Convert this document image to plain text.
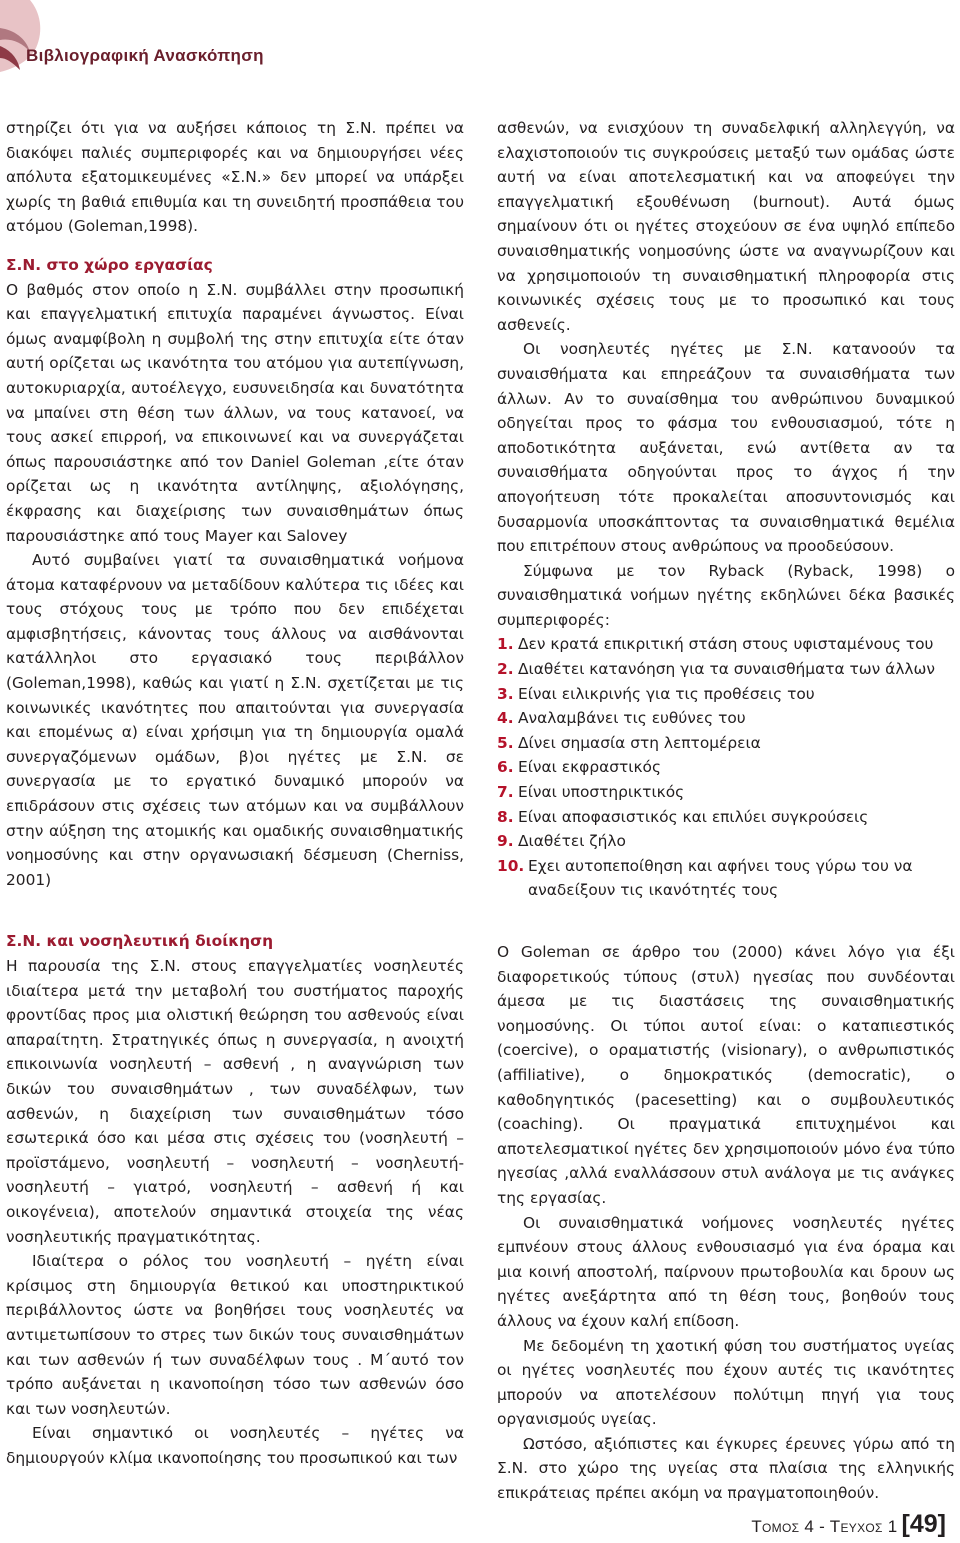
Βιβλιογραφική Ανασκόπηση

στηρίζει ότι για να αυξήσει κάποιος τη Σ.Ν. πρέπει να διακόψει παλιές συμπεριφορές και να δημιουργήσει νέες απόλυτα εξατομικευμένες «Σ.Ν.» δεν μπορεί να υπάρξει χωρίς τη βαθιά επιθυμία και τη συνειδητή προσπάθεια του ατόμου (Goleman,1998).

Σ.Ν. στο χώρο εργασίας

Ο βαθμός στον οποίο η Σ.Ν. συμβάλλει στην προσωπική και επαγγελματική επιτυχία παραμένει άγνωστος. Είναι όμως αναμφίβολη η συμβολή της στην επιτυχία είτε όταν αυτή ορίζεται ως ικανότητα του ατόμου για αυτεπίγνωση, αυτοκυριαρχία, αυτοέλεγχο, ευσυνειδησία και δυνατότητα να μπαίνει στη θέση των άλλων, να τους κατανοεί, να τους ασκεί επιρροή, να επικοινωνεί και να συνεργάζεται όπως παρουσιάστηκε από τον Daniel Goleman ,είτε όταν ορίζεται ως η ικανότητα αντίληψης, αξιολόγησης, έκφρασης και διαχείρισης των συναισθημάτων όπως παρουσιάστηκε από τους Mayer και Salovey

Αυτό συμβαίνει γιατί τα συναισθηματικά νοήμονα άτομα καταφέρνουν να μεταδίδουν καλύτερα τις ιδέες και τους στόχους τους με τρόπο που δεν επιδέχεται αμφισβητήσεις, κάνοντας τους άλλους να αισθάνονται κατάλληλοι στο εργασιακό τους περιβάλλον (Goleman,1998), καθώς και γιατί η Σ.Ν. σχετίζεται με τις κοινωνικές ικανότητες που απαιτούνται για συνεργασία και επομένως α) είναι χρήσιμη για τη δημιουργία ομαλά συνεργαζόμενων ομάδων, β)οι ηγέτες με Σ.Ν. σε συνεργασία με το εργατικό δυναμικό μπορούν να επιδράσουν στις σχέσεις των ατόμων και να συμβάλλουν στην αύξηση της ατομικής και ομαδικής συναισθηματικής νοημοσύνης και στην οργανωσιακή δέσμευση (Cherniss, 2001)

Σ.Ν. και νοσηλευτική διοίκηση

Η παρουσία της Σ.Ν. στους επαγγελματίες νοσηλευτές ιδιαίτερα μετά την μεταβολή του συστήματος παροχής φροντίδας προς μια ολιστική θεώρηση του ασθενούς είναι απαραίτητη. Στρατηγικές όπως η συνεργασία, η ανοιχτή επικοινωνία νοσηλευτή – ασθενή , η αναγνώριση των δικών του συναισθημάτων , των συναδέλφων, των ασθενών, η διαχείριση των συναισθημάτων τόσο εσωτερικά όσο και μέσα στις σχέσεις του (νοσηλευτή – προϊστάμενο, νοσηλευτή – νοσηλευτή – νοσηλευτή- νοσηλευτή – γιατρό, νοσηλευτή – ασθενή ή και οικογένεια), αποτελούν σημαντικά στοιχεία της νέας νοσηλευτικής πραγματικότητας.

Ιδιαίτερα ο ρόλος του νοσηλευτή – ηγέτη είναι κρίσιμος στη δημιουργία θετικού και υποστηρικτικού περιβάλλοντος ώστε να βοηθήσει τους νοσηλευτές να αντιμετωπίσουν το στρες των δικών τους συναισθημάτων και των ασθενών ή των συναδέλφων τους . Μ΄αυτό τον τρόπο αυξάνεται η ικανοποίηση τόσο των ασθενών όσο και των νοσηλευτών.

Είναι σημαντικό οι νοσηλευτές – ηγέτες να δημιουργούν κλίμα ικανοποίησης του προσωπικού και των

ασθενών, να ενισχύουν τη συναδελφική αλληλεγγύη, να ελαχιστοποιούν τις συγκρούσεις μεταξύ των ομάδας ώστε αυτή να είναι αποτελεσματική και να αποφεύγει την επαγγελματική εξουθένωση (burnout). Αυτά όμως σημαίνουν ότι οι ηγέτες στοχεύουν σε ένα υψηλό επίπεδο συναισθηματικής νοημοσύνης ώστε να αναγνωρίζουν και να χρησιμοποιούν τη συναισθηματική πληροφορία στις κοινωνικές σχέσεις τους με το προσωπικό και τους ασθενείς.

Οι νοσηλευτές ηγέτες με Σ.Ν. κατανοούν τα συναισθήματα και επηρεάζουν τα συναισθήματα των άλλων. Αν το συναίσθημα του ανθρώπινου δυναμικού οδηγείται προς το φάσμα του ενθουσιασμού, τότε η αποδοτικότητα αυξάνεται, ενώ αντίθετα αν τα συναισθήματα οδηγούνται προς το άγχος ή την απογοήτευση τότε προκαλείται αποσυντονισμός και δυσαρμονία υποσκάπτοντας τα συναισθηματικά θεμέλια που επιτρέπουν στους ανθρώπους να προοδεύσουν.

Σύμφωνα με τον Ryback (Ryback, 1998) ο συναισθηματικά νοήμων ηγέτης εκδηλώνει δέκα βασικές συμπεριφορές:

1. Δεν κρατά επικριτική στάση στους υφισταμένους του
2. Διαθέτει κατανόηση για τα συναισθήματα των άλλων
3. Είναι ειλικρινής για τις προθέσεις του
4. Αναλαμβάνει τις ευθύνες του
5. Δίνει σημασία στη λεπτομέρεια
6. Είναι εκφραστικός
7. Είναι υποστηρικτικός
8. Είναι αποφασιστικός και επιλύει συγκρούσεις
9. Διαθέτει ζήλο
10. Εχει αυτοπεποίθηση και αφήνει τους γύρω του να αναδείξουν τις ικανότητές τους

Ο Goleman σε άρθρο του (2000) κάνει λόγο για έξι διαφορετικούς τύπους (στυλ) ηγεσίας που συνδέονται άμεσα με τις διαστάσεις της συναισθηματικής νοημοσύνης. Οι τύποι αυτοί είναι: ο καταπιεστικός (coercive), ο οραματιστής (visionary), ο ανθρωπιστικός (affiliative), ο δημοκρατικός (democratic), ο καθοδηγητικός (pacesetting) και ο συμβουλευτικός (coaching). Οι πραγματικά επιτυχημένοι και αποτελεσματικοί ηγέτες δεν χρησιμοποιούν μόνο ένα τύπο ηγεσίας ,αλλά εναλλάσσουν στυλ ανάλογα με τις ανάγκες της εργασίας.

Οι συναισθηματικά νοήμονες νοσηλευτές ηγέτες εμπνέουν στους άλλους ενθουσιασμό για ένα όραμα και μια κοινή αποστολή, παίρνουν πρωτοβουλία και δρουν ως ηγέτες ανεξάρτητα από τη θέση τους, βοηθούν τους άλλους να έχουν καλή επίδοση.

Με δεδομένη τη χαοτική φύση του συστήματος υγείας οι ηγέτες νοσηλευτές που έχουν αυτές τις ικανότητες μπορούν να αποτελέσουν πολύτιμη πηγή για τους οργανισμούς υγείας.

Ωστόσο, αξιόπιστες και έγκυρες έρευνες γύρω από τη Σ.Ν. στο χώρο της υγείας στα πλαίσια της ελληνικής επικράτειας πρέπει ακόμη να πραγματοποιηθούν.

Τομος 4 - Τευχος 1 [49]
